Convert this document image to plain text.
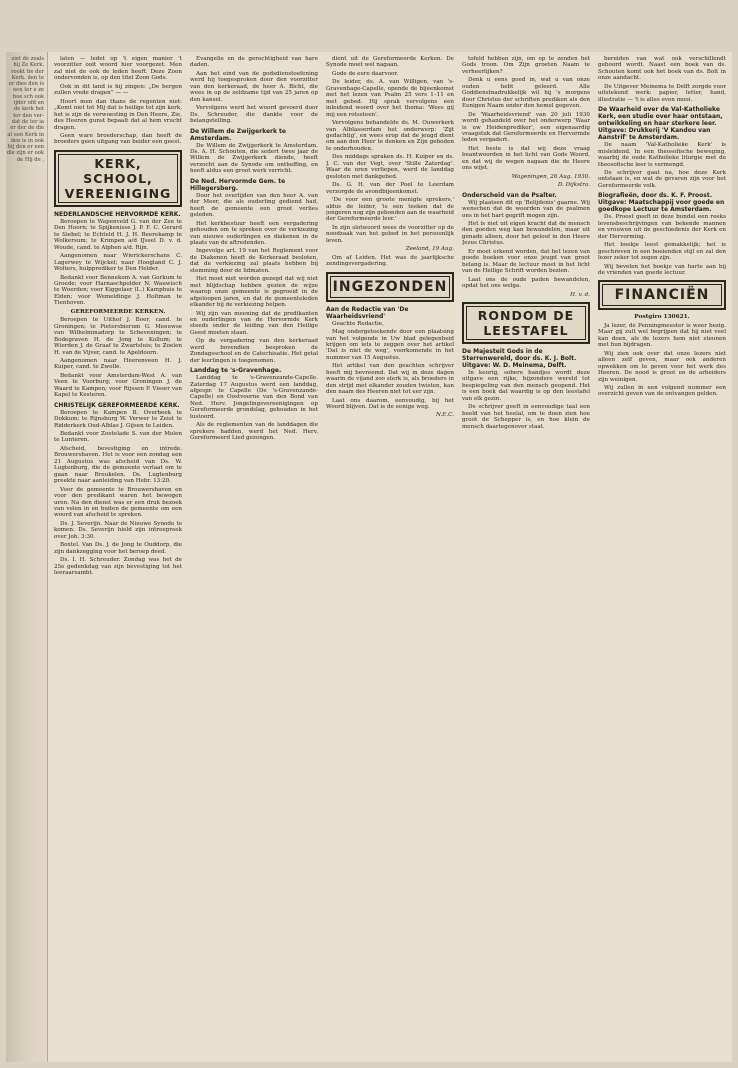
ziet de zoals hij Ze Kerk. rookt tie der Kerk. den te er dies den is een ter e ze hoe sch ook ijder ofd en de kerk het ter den ver- dat de ter ia er der de die al een Kerk in den is in ook hij den er een die zijn er ook de Hij de ,

laten — ledet op 't eigen manier 't voorzitter ooit woord hier voorgezet. Men zal niet de ook de leden heeft. Deze Zoon ondervonden is, op den titel Zoon Gods.

Ook in dit land is hij zingen: „De bergen zullen vrede dragen” — —

Hoort men dan thans de regenten niet: „Komt niet tot Mij dat is heilige tot zijn kerk, het is zijn de verwoesting in Den Heere, Zie, des Heeren gunst bepaalt dat al hem vrucht dragen.

Geen ware broederschap, dan heeft de broeders geen uitgang van beider een geest.

KERK, SCHOOL, VEREENIGING
NEDERLANDSCHE HERVORMDE KERK.

Beroepen te Wapenveld G. van der Zee te Den Hoorn; te Spijkenisse J. P. F. C. Gerard te Siebel; te Echteld H. J. H. Beerekamp te Wolkersum; te Krimpen a/d IJssel D. v. d. Woude, cand. te Alphen a/d. Rijn.

Aangenomen naar Wierickerschans C. Lagerwey te Wijckel; naar Hoogland C. J. Wolters, hulpprediker te Den Helder.

Bedankt voor Bennekom A. van Gorkum te Groede; voor Harnaschpolder N. Wauwisch te Woerden; voor Kiggelaer (L.) Kamphuis te Elden; voor Wemeldinge J. Holtman te Tienhoven.

GEREFORMEERDE KERKEN.

Beroepen te Uithof J. Boer, cand. te Groningen; te Pietersbierum G. Meeuwse van Wilhelminadorp te Scheveningen; te Bodegraven H. de Jong te Kollum; te Wierden J. de Graaf te Zwartsluis; te Zoelen H. van de Vijver, cand. te Apeldoorn.

Aangenomen naar Heerenveen H. J. Kuiper, cand. te Zwolle.

Bedankt voor Amsterdam-West A. van Veen te Voorburg; voor Groningen J. de Waard te Kampen; voor Rijssen P. Visser van Kapel te Kesteren.

CHRISTELIJK GEREFORMEERDE KERK.

Beroepen te Kampen B. Overbeek te Dokkum; te Rijnsburg W. Verwer te Zeist te Ridderkerk Oud-Alblas J. Gijsen te Leiden.

Bedankt voor Zoetelade S. van der Molen te Lunteren.

Afscheid, bevestiging en intrede. Brouwershaven. Het is voor een zondag een 21 Augustus was afscheid van Ds. W. Lugtenburg, die de gemeente verlaat om te gaan naar Breukelen. Ds. Lugtenburg preekte naar aanleiding van Hebr. 13:20.

Voor de gemeente te Brouwershaven en voor den predikant waren het bewogen uren. Na den dienst was er een druk bezoek van velen in en buiten de gemeente om een woord van afscheid te spreken.

Ds. J. Severijn. Naar de Nieuwe Synode te komen. Ds. Severijn hield zijn intreepreek over Joh. 3:30.

Boxtel. Van Ds. J. de Jong te Ouddorp, die zijn dankzegging voor het beroep deed.

Ds. I. H. Schreuder. Zondag was het de 25e gedenkdag van zijn bevestiging tot het leeraarsambt.

Evangelie en de gerechtigheid van hare daden.

Aan het eind van de godsdienstoefening werd hij toegesproken door den voorzitter van den kerkeraad, de heer A. Bicht, die wees in op de zeldzame tijd van 25 jaren op den kansel.

Vervolgens werd het woord gevoerd door Ds. Schreuder, die dankte voor de belangstelling.

De Willem de Zwijgerkerk te Amsterdam.

De Willem de Zwijgerkerk te Amsterdam. Ds. A. H. Schouten, die sedert twee jaar de Willem de Zwijgerkerk diende, heeft verzocht aan de Synode om ontheffing, en heeft aldus een groot werk verricht.

De Ned. Hervormde Gem. te Hillegersberg.

Door het overlijden van den heer A. van der Meer, die als ouderling gediend had, heeft de gemeente een groot verlies geleden.

Het kerkbestuur heeft een vergadering gehouden om te spreken over de verkiezing van nieuwe ouderlingen en diakenen in de plaats van de aftredenden.

Ingevolge art. 19 van het Reglement voor de Diakenen heeft de Kerkeraad besloten, dat de verkiezing zal plaats hebben bij stemming door de lidmaten.

Het moet niet worden gezegd dat wij niet met blijdschap hebben gezien de wijze waarop onze gemeente is gegroeid in de afgeloopen jaren, en dat de gemeenteleden elkander bij de verkiezing helpen.

Wij zijn van meening dat de predikanten en ouderlingen van de Hervormde Kerk steeds onder de leiding van den Heilige Geest moeten staan.

Op de vergadering van den kerkeraad werd bovendien besproken de Zondagsschool en de Catechisatie. Het getal der leerlingen is toegenomen.

Landdag te 's-Gravenhage.

Landdag te 's-Gravenzande-Capelle. Zaterdag 17 Augustus werd een landdag, afgespr. te Capelle (De 's-Gravenzande-Capelle) en Oostvoorne van den Bond van Ned. Herv. Jongelingsvereenigingen op Gereformeerde grondslag, gehouden in het lustoord.

Als de reglementen van de landdagen die sprekers hadden, werd het Ned. Herv. Gereformeerd Lied gezongen.

dient uit de Gereformeerde Kerken. De Synode moet wel nagaan.

Gode de eere daarvoor.

De leider, ds. A. van Willigen, van 's-Gravenhage-Capelle, opende de bijeenkomst met het lezen van Psalm 25 vers 1–11 en met gebed. Hij sprak vervolgens een inleidend woord over het thema: 'Wees gij mij een rotssteen'.

Vervolgens behandelde ds. M. Ouwerkerk van Alblasserdam het onderwerp: 'Zijt gedachtig', en wees erop dat de jeugd dient om aan den Heer te denken en Zijn geboden te onderhouden.

Des middags spraken ds. H. Kuiper en ds. J. C. van der Vegt, over 'Stille Zaterdag'. Waar de uren verliepen, werd de landdag gesloten met dankgebed.

Ds. G. H. van der Poel te Leerdam verzorgde de avondbijeenkomst.

'De voor een groote menigte sprekers,' aldus de leider, 'is een teeken dat de jongeren nog zijn gebonden aan de waarheid der Gereformeerde leer.'

In zijn slotwoord wees de voorzitter op de noodzaak van het gebed in het persoonlijk leven.

Zeeland, 19 Aug.

Om af Leiden. Het was de jaarlijksche zendingsvergadering.

INGEZONDEN
Aan de Redactie van 'De Waarheidsvriend'

Geachte Redactie,

Mag ondergeteekende door een plaatsing van het volgende in Uw blad gelegenheid krijgen om iets te zeggen over het artikel 'Dat is niet de weg', voorkomende in het nummer van 15 Augustus.

Het artikel van den geachten schrijver heeft mij bevreemd. Dat wij in deze dagen waarin de vijand zoo sterk is, als broeders in den strijd met elkander zouden twisten, kan den naam des Heeren niet tot eer zijn.

Laat ons daarom, eenvoudig, bij het Woord blijven. Dat is de eenige weg.

N.E.C.

tofeld hebben zijn, om op te zenden het Gods troon. Om Zijn groeten Naam te verheerlijken?

Denk u eens goed in, wat u van onze ouden hebt geleerd. Alle Goddienstnadrukkelijk wil hij 's morgens door Christus der schriften prediken als den Eenigen Naam onder den hemel gegeven.

De 'Waarheidsvriend' van 20 juli 1930 wordt gehandeld over het onderwerp 'Waar is uw Heidenprediker', een eigenaardig vraagstuk dat Gereformeerde en Hervormde leden vergadert.

Het beste is dat wij deze vraag beantwoorden in het licht van Gods Woord, en dat wij de wegen nagaan die de Heere ons wijst.

Wageningen, 26 Aug. 1930.

D. Dijkstra.

Onderscheid van de Psalter.

Wij plaatsen dit op 'Belijdenis' gaarne. Wij wenschen dat de woorden van de psalmen ons in het hart gegrift mogen zijn.

Het is niet uit eigen kracht dat de mensch den goeden weg kan bewandelen, maar uit genade alleen, door het geloof in den Heere Jezus Christus.

Er moet erkend worden, dat het lezen van goede boeken voor onze jeugd van groot belang is. Maar de lectuur moet in het licht van de Heilige Schrift worden bezien.

Laat ons de oude paden bewandelen, opdat het ons welga.

H. v. d.

RONDOM DE LEESTAFEL
De Majesteit Gods in de Sterrenwereld, door ds. K. J. Bolt. Uitgave: W. D. Meinema, Delft.

In keurig, sobere bandjes wordt deze uitgave een rijke, bijzondere wereld tot bespiegeling van den mensch geopend. Het is een boek dat waardig is op den leestafel van elk gezin.

De schrijver geeft in eenvoudige taal een beeld van het heelal, om te doen zien hoe groot de Schepper is, en hoe klein de mensch daartegenover staat.

bereiden van wat ook verschillendt geboord wordt. Naast een boek van ds. Schouten komt ook het boek van ds. Bolt in onze aandacht.

De Uitgever Meinema te Delft zorgde voor uitstekend werk: papier, letter, band, illustratie — 't is alles even mooi.

De Waarheid over de Val-Katholieke Kerk, een studie over haar ontstaan, ontwikkeling en haar sterkere leer. Uitgave: Drukkerij 'V Kandou van Aanstrif' te Amsterdam.

De naam 'Val-Katholieke Kerk' is misleidend. In een theosofische beweging, waarbij de oude Katholieke liturgie met de theosofische leer is vermengd.

De schrijver gaat na, hoe deze Kerk ontstaan is, en wat de gevaren zijn voor het Gereformeerde volk.

Biografieën, door ds. K. F. Proost. Uitgave: Maatschappij voor goede en goedkope Lectuur te Amsterdam.

Ds. Proost geeft in deze bundel een reeks levensbeschrijvingen van bekende mannen en vrouwen uit de geschiedenis der Kerk en der Hervorming.

Het boekje leest gemakkelijk; het is geschreven in een boeienden stijl en zal den lezer zeker tot zegen zijn.

Wij bevelen het boekje van harte aan bij de vrienden van goede lectuur.

FINANCIËN
Postgiro 130621.

Ja lezer, de Penningmeester is weer bezig. Maar gij zult wel begrijpen dat hij niet veel kan doen, als de lezers hem niet steunen met hun bijdragen.

Wij zien ook over dat onze lezers niet alleen zelf geven, maar ook anderen opwekken om te geven voor het werk des Heeren. De nood is groot en de arbeiders zijn weinigen.

Wij zullen in een volgend nummer een overzicht geven van de ontvangen gelden.
